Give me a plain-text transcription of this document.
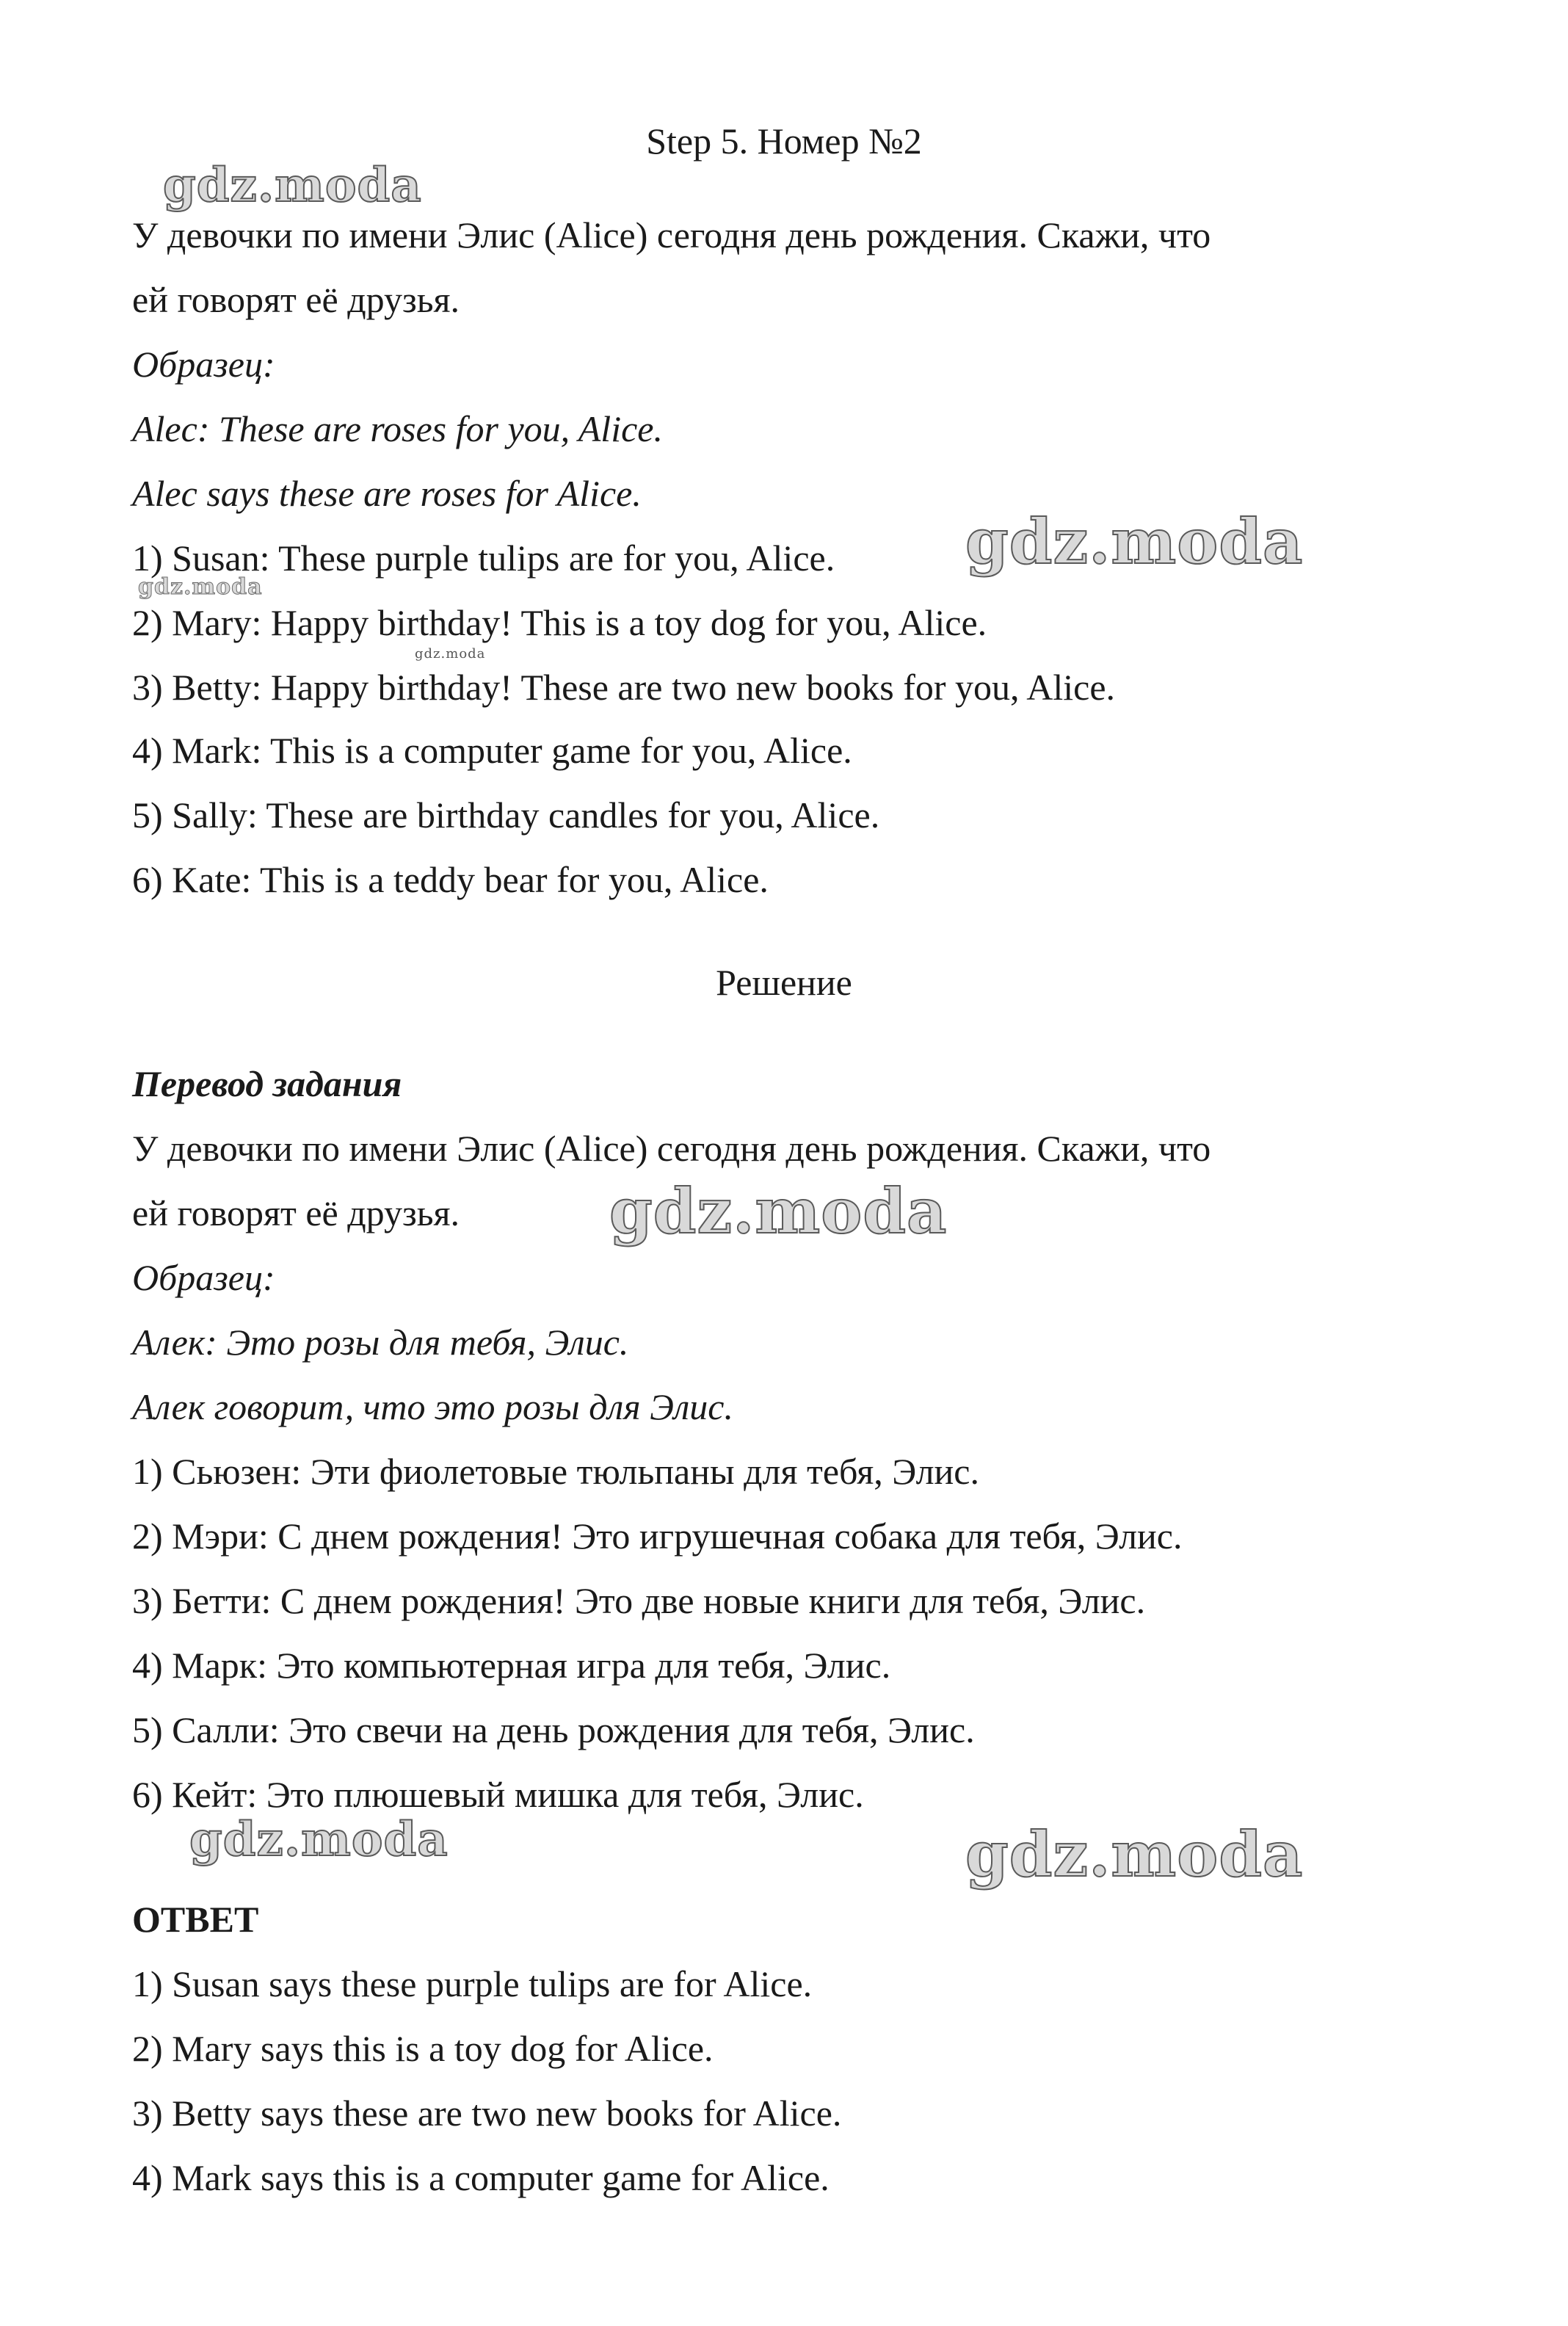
Step 5. Номер №2

У девочки по имени Элис (Alice) сегодня день рождения. Скажи, что

ей говорят её друзья.

Образец:

Alec: These are roses for you, Alice.

Alec says these are roses for Alice.

1) Susan: These purple tulips are for you, Alice.

2) Mary: Happy birthday! This is a toy dog for you, Alice.

3) Betty: Happy birthday! These are two new books for you, Alice.

4) Mark: This is a computer game for you, Alice.

5) Sally: These are birthday candles for you, Alice.

6) Kate: This is a teddy bear for you, Alice.

Решение

Перевод задания

У девочки по имени Элис (Alice) сегодня день рождения. Скажи, что

ей говорят её друзья.

Образец:

Алек: Это розы для тебя, Элис.

Алек говорит, что это розы для Элис.

1) Сьюзен: Эти фиолетовые тюльпаны для тебя, Элис.

2) Мэри: С днем рождения! Это игрушечная собака для тебя, Элис.

3) Бетти: С днем рождения! Это две новые книги для тебя, Элис.

4) Марк: Это компьютерная игра для тебя, Элис.

5) Салли: Это свечи на день рождения для тебя, Элис.

6) Кейт: Это плюшевый мишка для тебя, Элис.

ОТВЕТ

1) Susan says these purple tulips are for Alice.

2) Mary says this is a toy dog for Alice.

3) Betty says these are two new books for Alice.

4) Mark says this is a computer game for Alice.

gdz.moda
gdz.moda
gdz.moda
gdz.moda
gdz.moda
gdz.moda	gdz.moda
